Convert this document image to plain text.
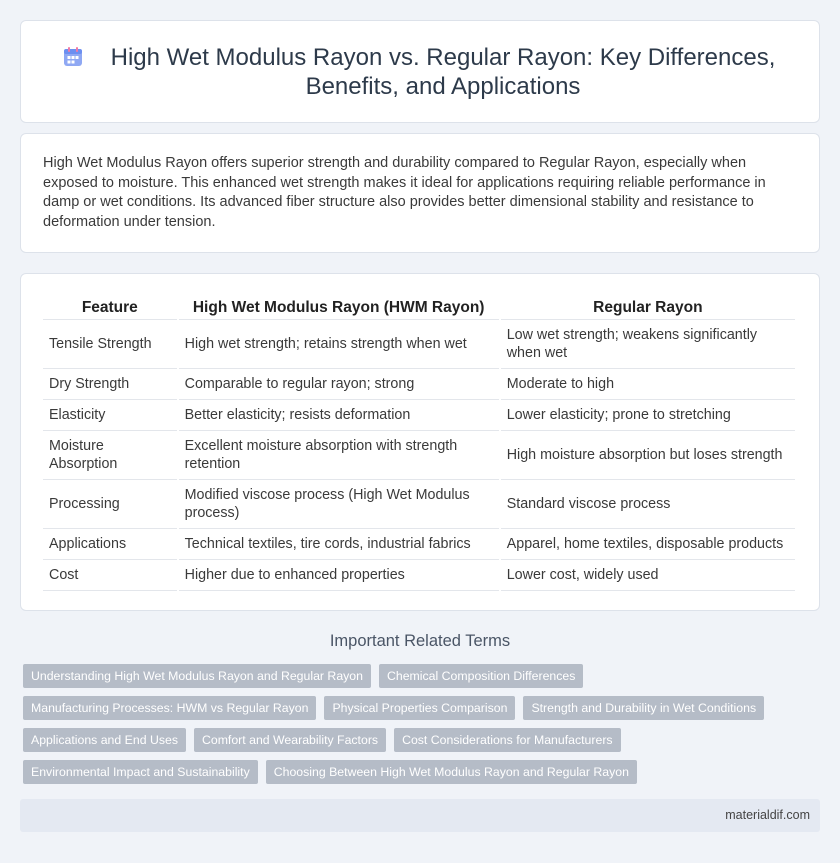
High Wet Modulus Rayon vs. Regular Rayon: Key Differences, Benefits, and Applications

High Wet Modulus Rayon offers superior strength and durability compared to Regular Rayon, especially when exposed to moisture. This enhanced wet strength makes it ideal for applications requiring reliable performance in damp or wet conditions. Its advanced fiber structure also provides better dimensional stability and resistance to deformation under tension.

Feature	High Wet Modulus Rayon (HWM Rayon)	Regular Rayon
Tensile Strength	High wet strength; retains strength when wet	Low wet strength; weakens significantly when wet
Dry Strength	Comparable to regular rayon; strong	Moderate to high
Elasticity	Better elasticity; resists deformation	Lower elasticity; prone to stretching
Moisture Absorption	Excellent moisture absorption with strength retention	High moisture absorption but loses strength
Processing	Modified viscose process (High Wet Modulus process)	Standard viscose process
Applications	Technical textiles, tire cords, industrial fabrics	Apparel, home textiles, disposable products
Cost	Higher due to enhanced properties	Lower cost, widely used
Important Related Terms
Understanding High Wet Modulus Rayon and Regular Rayon	Chemical Composition Differences
Manufacturing Processes: HWM vs Regular Rayon	Physical Properties Comparison	Strength and Durability in Wet Conditions
Applications and End Uses	Comfort and Wearability Factors	Cost Considerations for Manufacturers
Environmental Impact and Sustainability	Choosing Between High Wet Modulus Rayon and Regular Rayon
materialdif.com
